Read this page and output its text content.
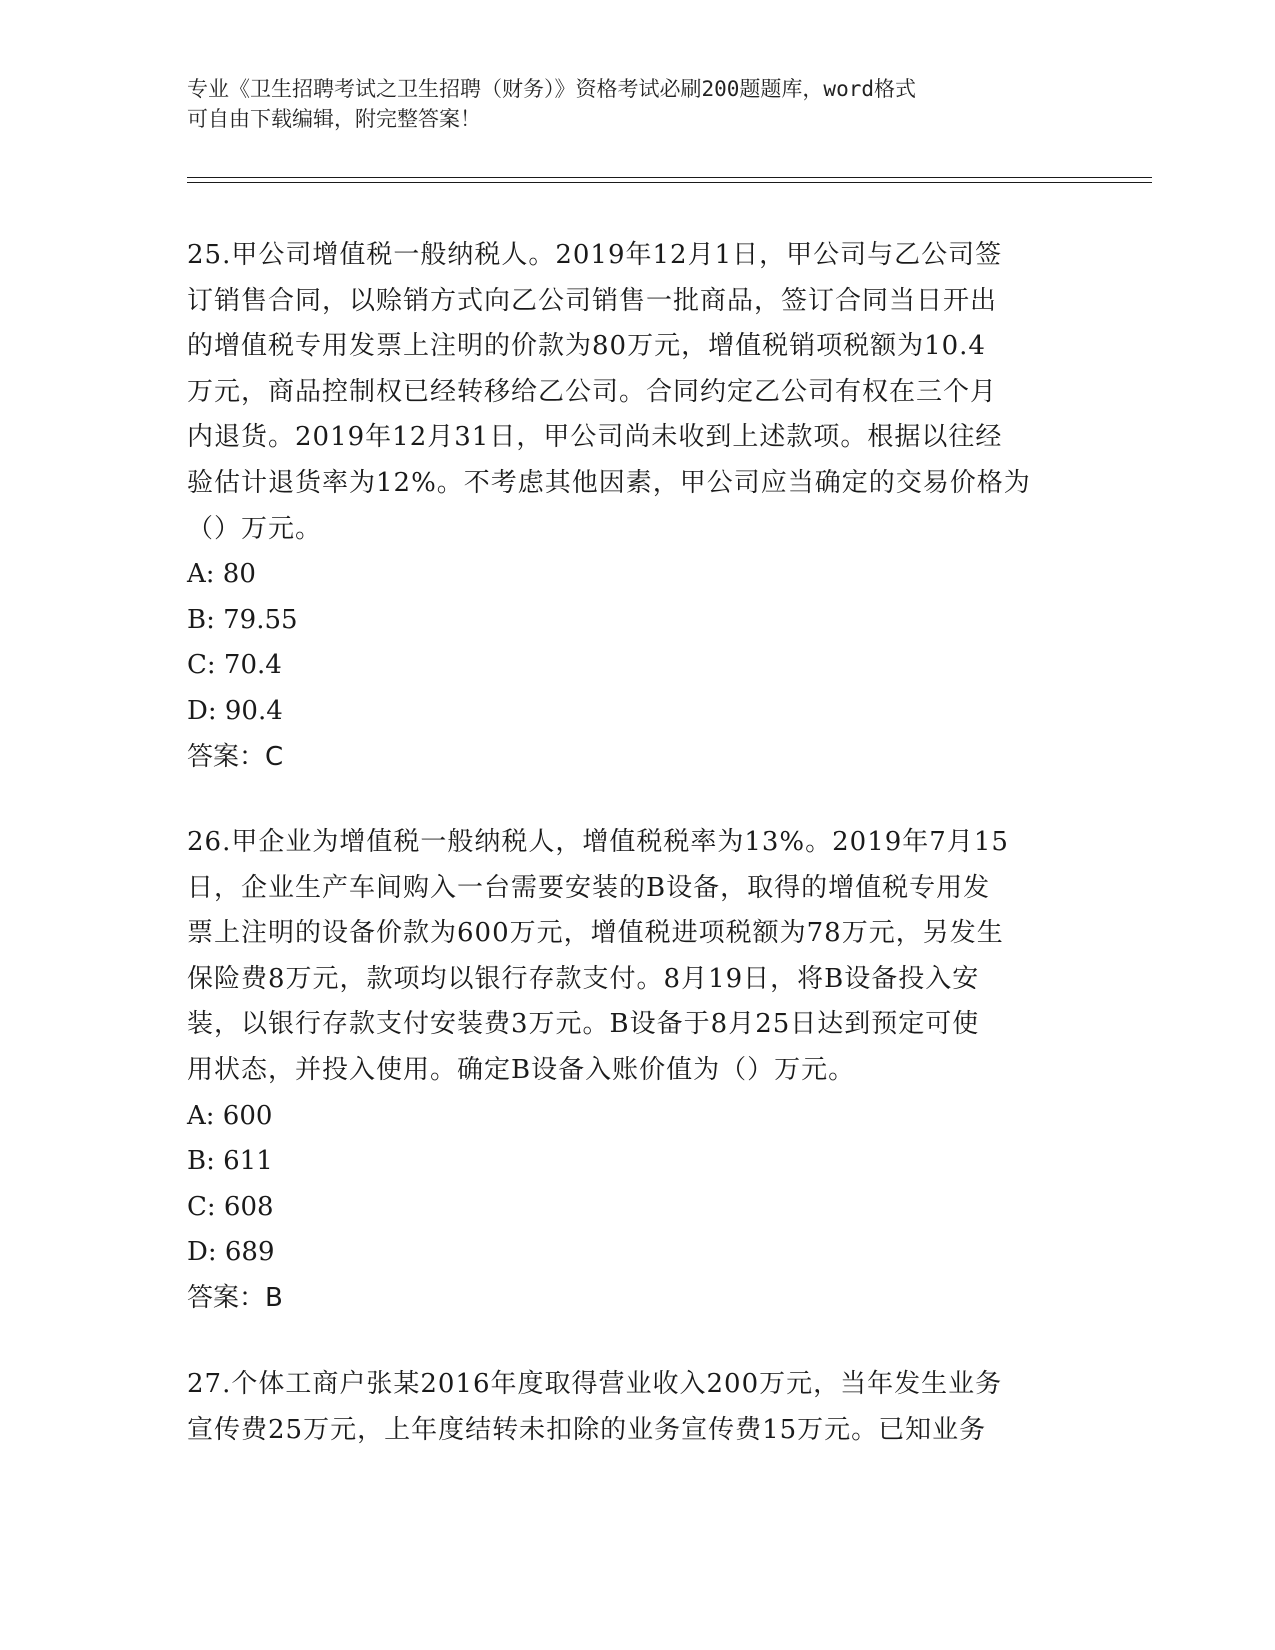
专业《卫生招聘考试之卫生招聘（财务）》资格考试必刷200题题库，word格式
可自由下载编辑，附完整答案！
25.甲公司增值税一般纳税人。2019年12月1日，甲公司与乙公司签
订销售合同，以赊销方式向乙公司销售一批商品，签订合同当日开出
的增值税专用发票上注明的价款为80万元，增值税销项税额为10.4
万元，商品控制权已经转移给乙公司。合同约定乙公司有权在三个月
内退货。2019年12月31日，甲公司尚未收到上述款项。根据以往经
验估计退货率为12%。不考虑其他因素，甲公司应当确定的交易价格为
（）万元。
A: 80
B: 79.55
C: 70.4
D: 90.4
答案：C
26.甲企业为增值税一般纳税人，增值税税率为13%。2019年7月15
日，企业生产车间购入一台需要安装的B设备，取得的增值税专用发
票上注明的设备价款为600万元，增值税进项税额为78万元，另发生
保险费8万元，款项均以银行存款支付。8月19日，将B设备投入安
装，以银行存款支付安装费3万元。B设备于8月25日达到预定可使
用状态，并投入使用。确定B设备入账价值为（）万元。
A: 600
B: 611
C: 608
D: 689
答案：B
27.个体工商户张某2016年度取得营业收入200万元，当年发生业务
宣传费25万元，上年度结转未扣除的业务宣传费15万元。已知业务
